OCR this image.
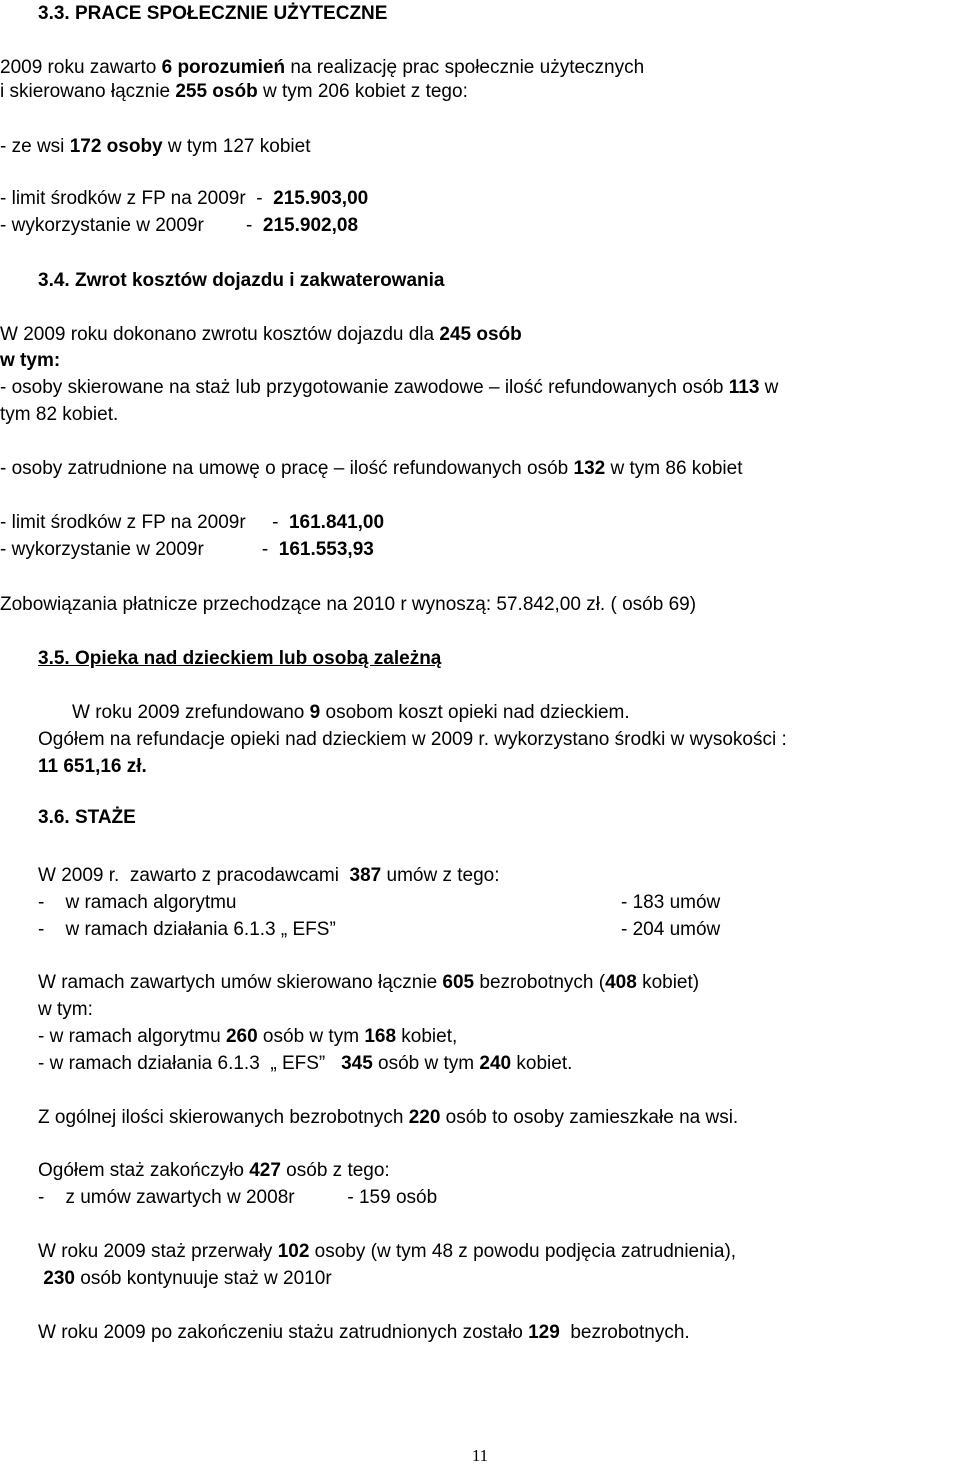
3.3. PRACE SPOŁECZNIE UŻYTECZNE
2009 roku zawarto 6 porozumień na realizację prac społecznie użytecznych
i skierowano łącznie 255 osób w tym 206 kobiet z tego:
- ze wsi 172 osoby w tym 127 kobiet
- limit środków z FP na 2009r  -  215.903,00
- wykorzystanie w 2009r        -  215.902,08
3.4. Zwrot kosztów dojazdu i zakwaterowania
W 2009 roku dokonano zwrotu kosztów dojazdu dla 245 osób
w tym:
- osoby skierowane na staż lub przygotowanie zawodowe – ilość refundowanych osób 113 w
tym 82 kobiet.
- osoby zatrudnione na umowę o pracę – ilość refundowanych osób 132 w tym 86 kobiet
- limit środków z FP na 2009r     -  161.841,00
- wykorzystanie w 2009r           -  161.553,93
Zobowiązania płatnicze przechodzące na 2010 r wynoszą: 57.842,00 zł. ( osób 69)
3.5. Opieka nad dzieckiem lub osobą zależną
W roku 2009 zrefundowano 9 osobom koszt opieki nad dzieckiem.
Ogółem na refundacje opieki nad dzieckiem w 2009 r. wykorzystano środki w wysokości :
11 651,16 zł.
3.6. STAŻE
W 2009 r.  zawarto z pracodawcami  387 umów z tego:
-    w ramach algorytmu	- 183 umów
-    w ramach działania 6.1.3 „ EFS”	- 204 umów
W ramach zawartych umów skierowano łącznie 605 bezrobotnych (408 kobiet)
w tym:
- w ramach algorytmu 260 osób w tym 168 kobiet,
- w ramach działania 6.1.3  „ EFS”   345 osób w tym 240 kobiet.
Z ogólnej ilości skierowanych bezrobotnych 220 osób to osoby zamieszkałe na wsi.
Ogółem staż zakończyło 427 osób z tego:
-    z umów zawartych w 2008r          - 159 osób
W roku 2009 staż przerwały 102 osoby (w tym 48 z powodu podjęcia zatrudnienia),
230 osób kontynuuje staż w 2010r
W roku 2009 po zakończeniu stażu zatrudnionych zostało 129  bezrobotnych.
11
